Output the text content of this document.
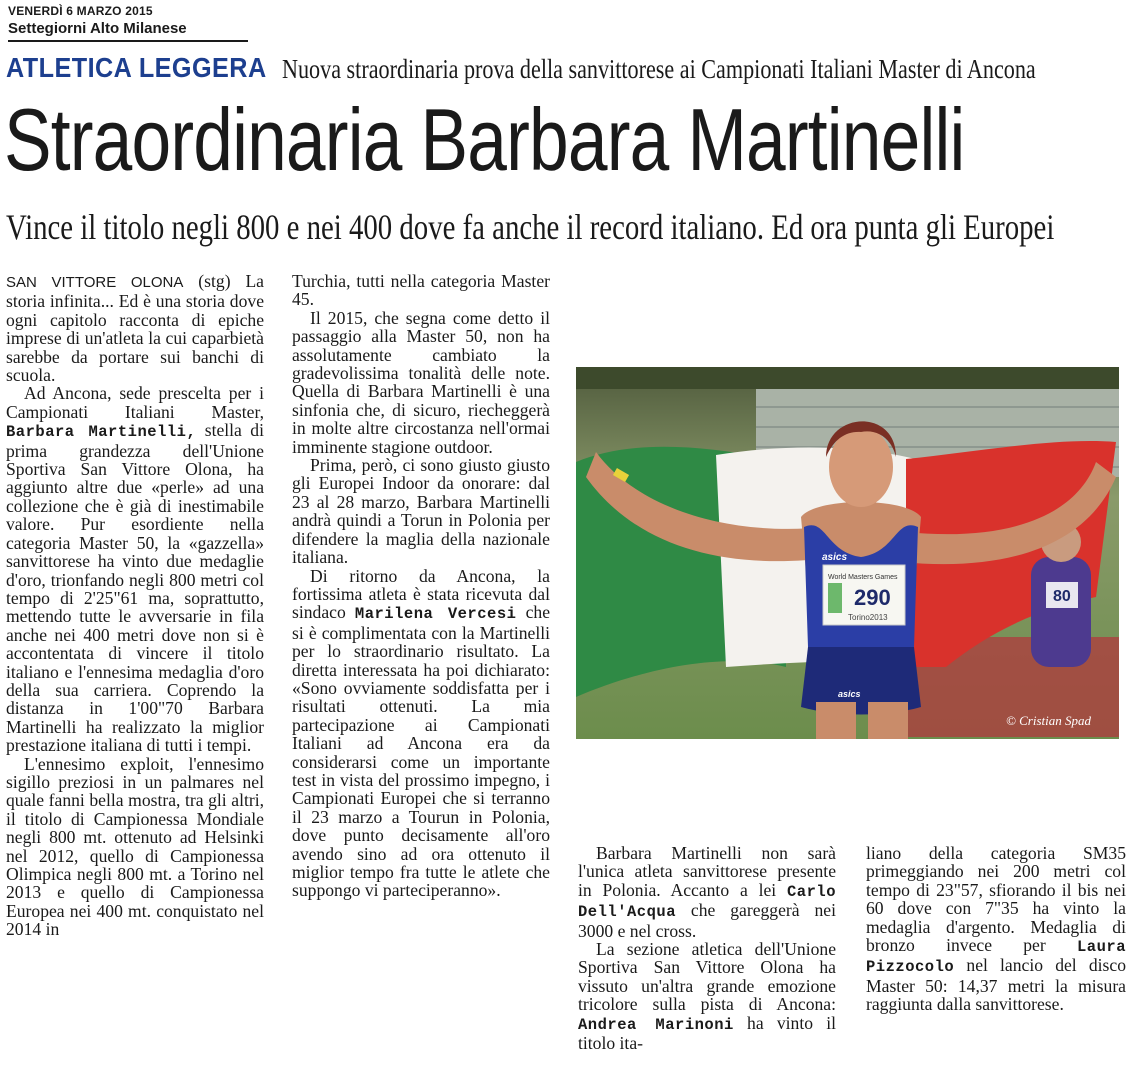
VENERDÌ 6 MARZO 2015
Settegiorni Alto Milanese
ATLETICA LEGGERA Nuova straordinaria prova della sanvittorese ai Campionati Italiani Master di Ancona
Straordinaria Barbara Martinelli
Vince il titolo negli 800 e nei 400 dove fa anche il record italiano. Ed ora punta gli Europei

SAN VITTORE OLONA (stg) La storia infinita... Ed è una storia dove ogni capitolo racconta di epiche imprese di un'atleta la cui caparbietà sarebbe da portare sui banchi di scuola.

Ad Ancona, sede prescelta per i Campionati Italiani Master, Barbara Martinelli, stella di prima grandezza dell'Unione Sportiva San Vittore Olona, ha aggiunto altre due «perle» ad una collezione che è già di inestimabile valore. Pur esordiente nella categoria Master 50, la «gazzella» sanvittorese ha vinto due medaglie d'oro, trionfando negli 800 metri col tempo di 2'25"61 ma, soprattutto, mettendo tutte le avversarie in fila anche nei 400 metri dove non si è accontentata di vincere il titolo italiano e l'ennesima medaglia d'oro della sua carriera. Coprendo la distanza in 1'00"70 Barbara Martinelli ha realizzato la miglior prestazione italiana di tutti i tempi.

L'ennesimo exploit, l'ennesimo sigillo preziosi in un palmares nel quale fanni bella mostra, tra gli altri, il titolo di Campionessa Mondiale negli 800 mt. ottenuto ad Helsinki nel 2012, quello di Campionessa Olimpica negli 800 mt. a Torino nel 2013 e quello di Campionessa Europea nei 400 mt. conquistato nel 2014 in

Turchia, tutti nella categoria Master 45.

Il 2015, che segna come detto il passaggio alla Master 50, non ha assolutamente cambiato la gradevolissima tonalità delle note. Quella di Barbara Martinelli è una sinfonia che, di sicuro, riecheggerà in molte altre circostanza nell'ormai imminente stagione outdoor.

Prima, però, ci sono giusto giusto gli Europei Indoor da onorare: dal 23 al 28 marzo, Barbara Martinelli andrà quindi a Torun in Polonia per difendere la maglia della nazionale italiana.

Di ritorno da Ancona, la fortissima atleta è stata ricevuta dal sindaco Marilena Vercesi che si è complimentata con la Martinelli per lo straordinario risultato. La diretta interessata ha poi dichiarato: «Sono ovviamente soddisfatta per i risultati ottenuti. La mia partecipazione ai Campionati Italiani ad Ancona era da considerarsi come un importante test in vista del prossimo impegno, i Campionati Europei che si terranno il 23 marzo a Tourun in Polonia, dove punto decisamente all'oro avendo sino ad ora ottenuto il miglior tempo fra tutte le atlete che suppongo vi parteciperanno».

80
World Masters Games
290
Torino2013
asics
asics
© Cristian Spad

Barbara Martinelli non sarà l'unica atleta sanvittorese presente in Polonia. Accanto a lei Carlo Dell'Acqua che gareggerà nei 3000 e nel cross.

La sezione atletica dell'Unione Sportiva San Vittore Olona ha vissuto un'altra grande emozione tricolore sulla pista di Ancona: Andrea Marinoni ha vinto il titolo ita-

liano della categoria SM35 primeggiando nei 200 metri col tempo di 23"57, sfiorando il bis nei 60 dove con 7"35 ha vinto la medaglia d'argento. Medaglia di bronzo invece per Laura Pizzocolo nel lancio del disco Master 50: 14,37 metri la misura raggiunta dalla sanvittorese.
